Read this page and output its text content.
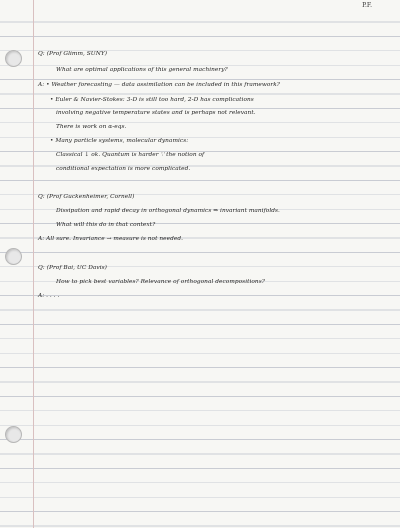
P.F.
Q: (Prof Glimm, SUNY)
What are optimal applications of this general machinery?
A: • Weather forecasting — data assimilation can be included in this framework?
• Euler & Navier-Stokes: 3-D is still too hard, 2-D has complications
involving negative temperature states and is perhaps not relevant.
There is work on α-eqs.
• Many particle systems, molecular dynamics:
Classical ↓ ok. Quantum is harder ∵ the notion of
conditional expectation is more complicated.
Q: (Prof Guckenheimer, Cornell)
Dissipation and rapid decay in orthogonal dynamics ⇒ invariant manifolds.
What will this do in that context?
A: All sure. Invariance → measure is not needed.
Q: (Prof Bai, UC Davis)
How to pick best variables? Relevance of orthogonal decompositions?
A: . . . .
